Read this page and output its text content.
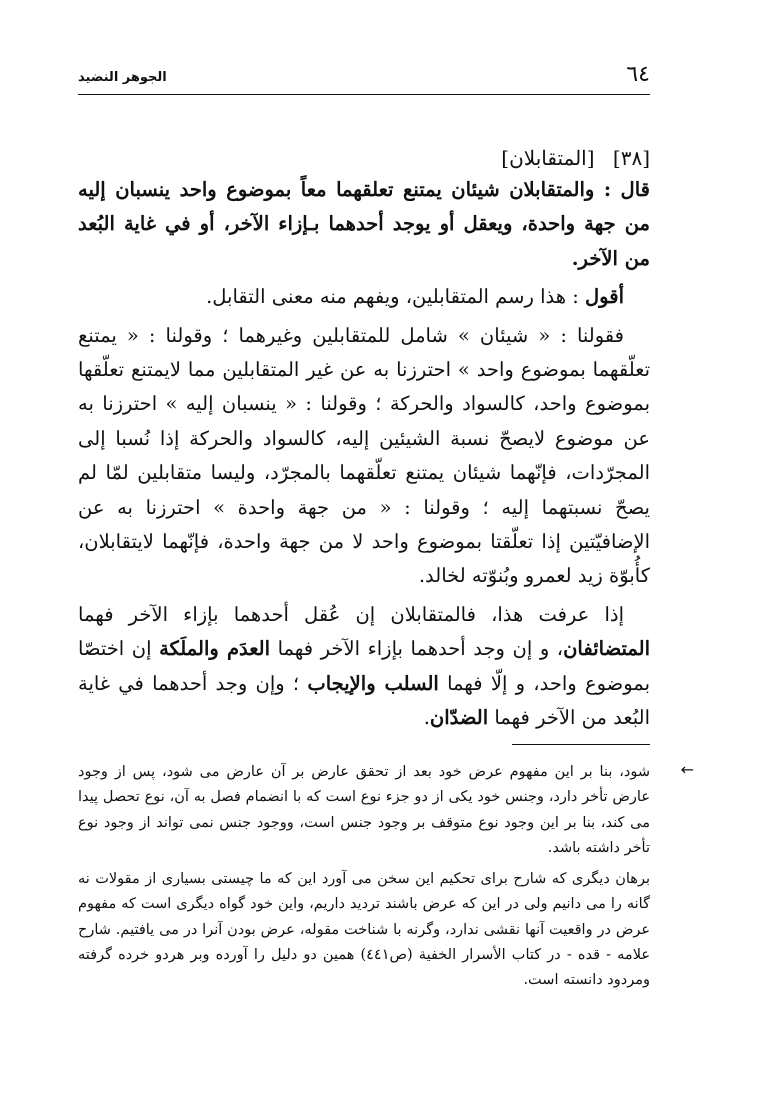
٦٤
الجوهر النضيد
[٣٨] [المتقابلان]

قال : والمتقابلان شيئان يمتنع تعلقهما معاً بموضوع واحد ينسبان إليه من جهة واحدة، ويعقل أو يوجد أحدهما بـإزاء الآخر، أو في غاية البُعد من الآخر.

أقول : هذا رسم المتقابلين، ويفهم منه معنى التقابل.

فقولنا : « شيئان » شامل للمتقابلين وغيرهما ؛ وقولنا : « يمتنع تعلّقهما بموضوع واحد » احترزنا به عن غير المتقابلين مما لايمتنع تعلّقها بموضوع واحد، كالسواد والحركة ؛ وقولنا : « ينسبان إليه » احترزنا به عن موضوع لايصحّ نسبة الشيئين إليه، كالسواد والحركة إذا نُسبا إلى المجرّدات، فإنّهما شيئان يمتنع تعلّقهما بالمجرّد، وليسا متقابلين لمّا لم يصحّ نسبتهما إليه ؛ وقولنا : « من جهة واحدة » احترزنا به عن الإضافيّتين إذا تعلّقتا بموضوع واحد لا من جهة واحدة، فإنّهما لايتقابلان، كأُبوّة زيد لعمرو وبُنوّته لخالد.

إذا عرفت هذا، فالمتقابلان إن عُقل أحدهما بإزاء الآخر فهما المتضائفان، و إن وجد أحدهما بإزاء الآخر فهما العدَم والملَكة إن اختصّا بموضوع واحد، و إلّا فهما السلب والإيجاب ؛ وإن وجد أحدهما في غاية البُعد من الآخر فهما الضدّان.

←

شود، بنا بر این مفهوم عرض خود بعد از تحقق عارض بر آن عارض می شود، پس از وجود عارض تأخر دارد، وجنس خود یکی از دو جزء نوع است که با انضمام فصل به آن، نوع تحصل پیدا می کند، بنا بر این وجود نوع متوقف بر وجود جنس است، ووجود جنس نمی تواند از وجود نوع تأخر داشته باشد.

برهان دیگری که شارح برای تحکیم این سخن می آورد این که ما چیستی بسیاری از مقولات نه گانه را می دانیم ولی در این که عرض باشند تردید داریم، واین خود گواه دیگری است که مفهوم عرض در واقعیت آنها نقشی ندارد، وگرنه با شناخت مقوله، عرض بودن آنرا در می یافتیم. شارح علامه - قده - در کتاب الأسرار الخفية (ص٤٤١) همین دو دلیل را آورده وبر هردو خرده گرفته ومردود دانسته است.
